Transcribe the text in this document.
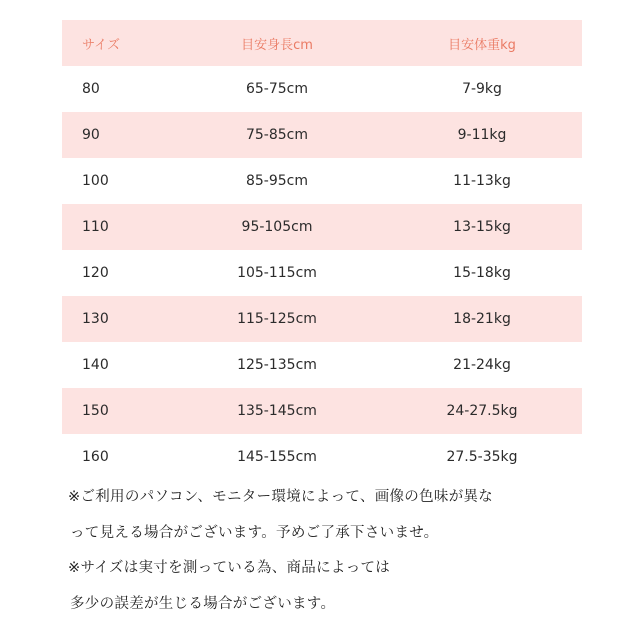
サイズ	目安身長cm	目安体重kg
80	65-75cm	7-9kg
90	75-85cm	9-11kg
100	85-95cm	11-13kg
110	95-105cm	13-15kg
120	105-115cm	15-18kg
130	115-125cm	18-21kg
140	125-135cm	21-24kg
150	135-145cm	24-27.5kg
160	145-155cm	27.5-35kg

※ご利用のパソコン、モニター環境によって、画像の色味が異な

って見える場合がございます。予めご了承下さいませ。

※サイズは実寸を測っている為、商品によっては

多少の誤差が生じる場合がございます。
